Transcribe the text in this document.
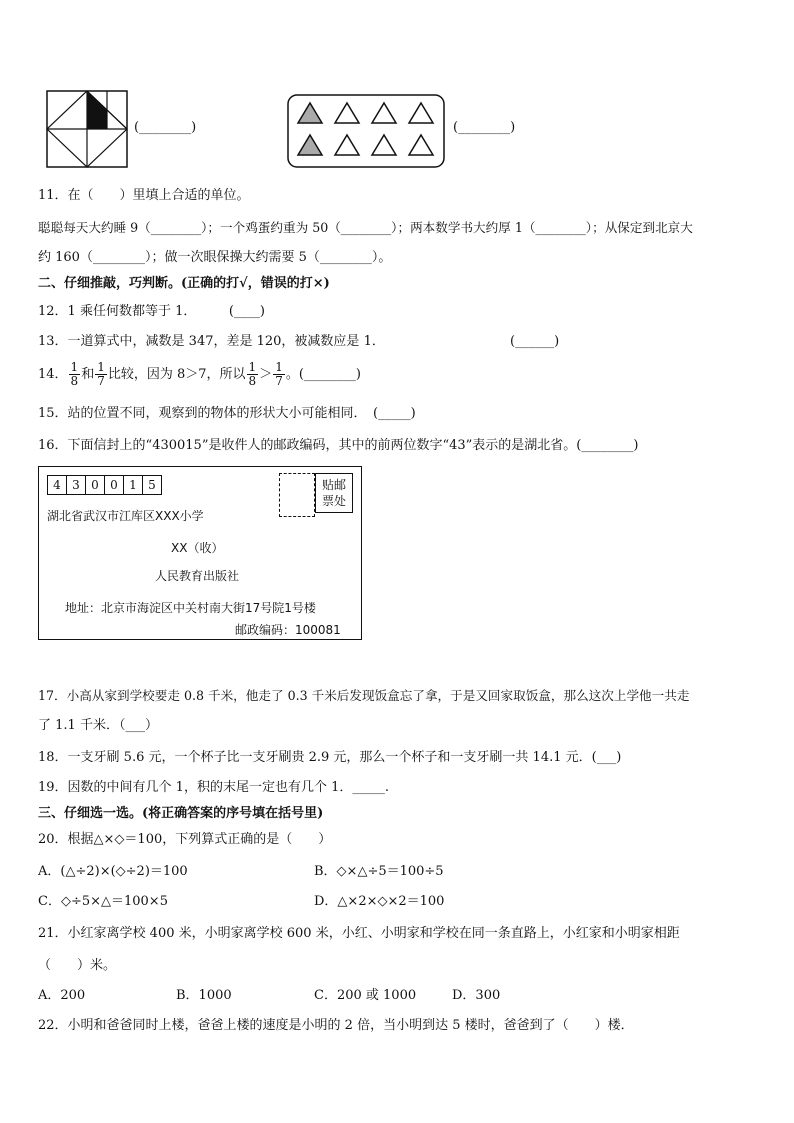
(________)	(________)
11．在（　　）里填上合适的单位。
聪聪每天大约睡 9（________）；一个鸡蛋约重为 50（________）；两本数学书大约厚 1（________）；从保定到北京大
约 160（________）；做一次眼保操大约需要 5（________）。
二、仔细推敲，巧判断。(正确的打√，错误的打×)
12．1 乘任何数都等于 1．　　　(____)
13．一道算式中，减数是 347，差是 120，被减数应是 1．	(______)
14． $\frac{1}{8}$ 和 $\frac{1}{7}$ 比较，因为 8＞7，所以 $\frac{1}{8} > \frac{1}{7}$ 。(________)
15．站的位置不同，观察到的物体的形状大小可能相同．　(_____)
16．下面信封上的“430015”是收件人的邮政编码，其中的前两位数字“43”表示的是湖北省。(________)
4 3 0 0 1 5	贴邮
票处
湖北省武汉市江库区XXX小学
XX（收）
人民教育出版社
地址：北京市海淀区中关村南大街17号院1号楼
邮政编码：100081
17．小高从家到学校要走 0.8 千米，他走了 0.3 千米后发现饭盒忘了拿，于是又回家取饭盒，那么这次上学他一共走
了 1.1 千米．（___）
18．一支牙刷 5.6 元，一个杯子比一支牙刷贵 2.9 元，那么一个杯子和一支牙刷一共 14.1 元．(___)
19．因数的中间有几个 1，积的末尾一定也有几个 1．_____.
三、仔细选一选。(将正确答案的序号填在括号里)
20．根据△×◇＝100，下列算式正确的是（　　）
A．(△÷2)×(◇÷2)＝100	B．◇×△÷5＝100÷5
C．◇÷5×△＝100×5	D．△×2×◇×2＝100
21．小红家离学校 400 米，小明家离学校 600 米，小红、小明家和学校在同一条直路上，小红家和小明家相距
（　　）米。
A．200	B．1000	C．200 或 1000	D．300
22．小明和爸爸同时上楼，爸爸上楼的速度是小明的 2 倍，当小明到达 5 楼时，爸爸到了（　　）楼．
